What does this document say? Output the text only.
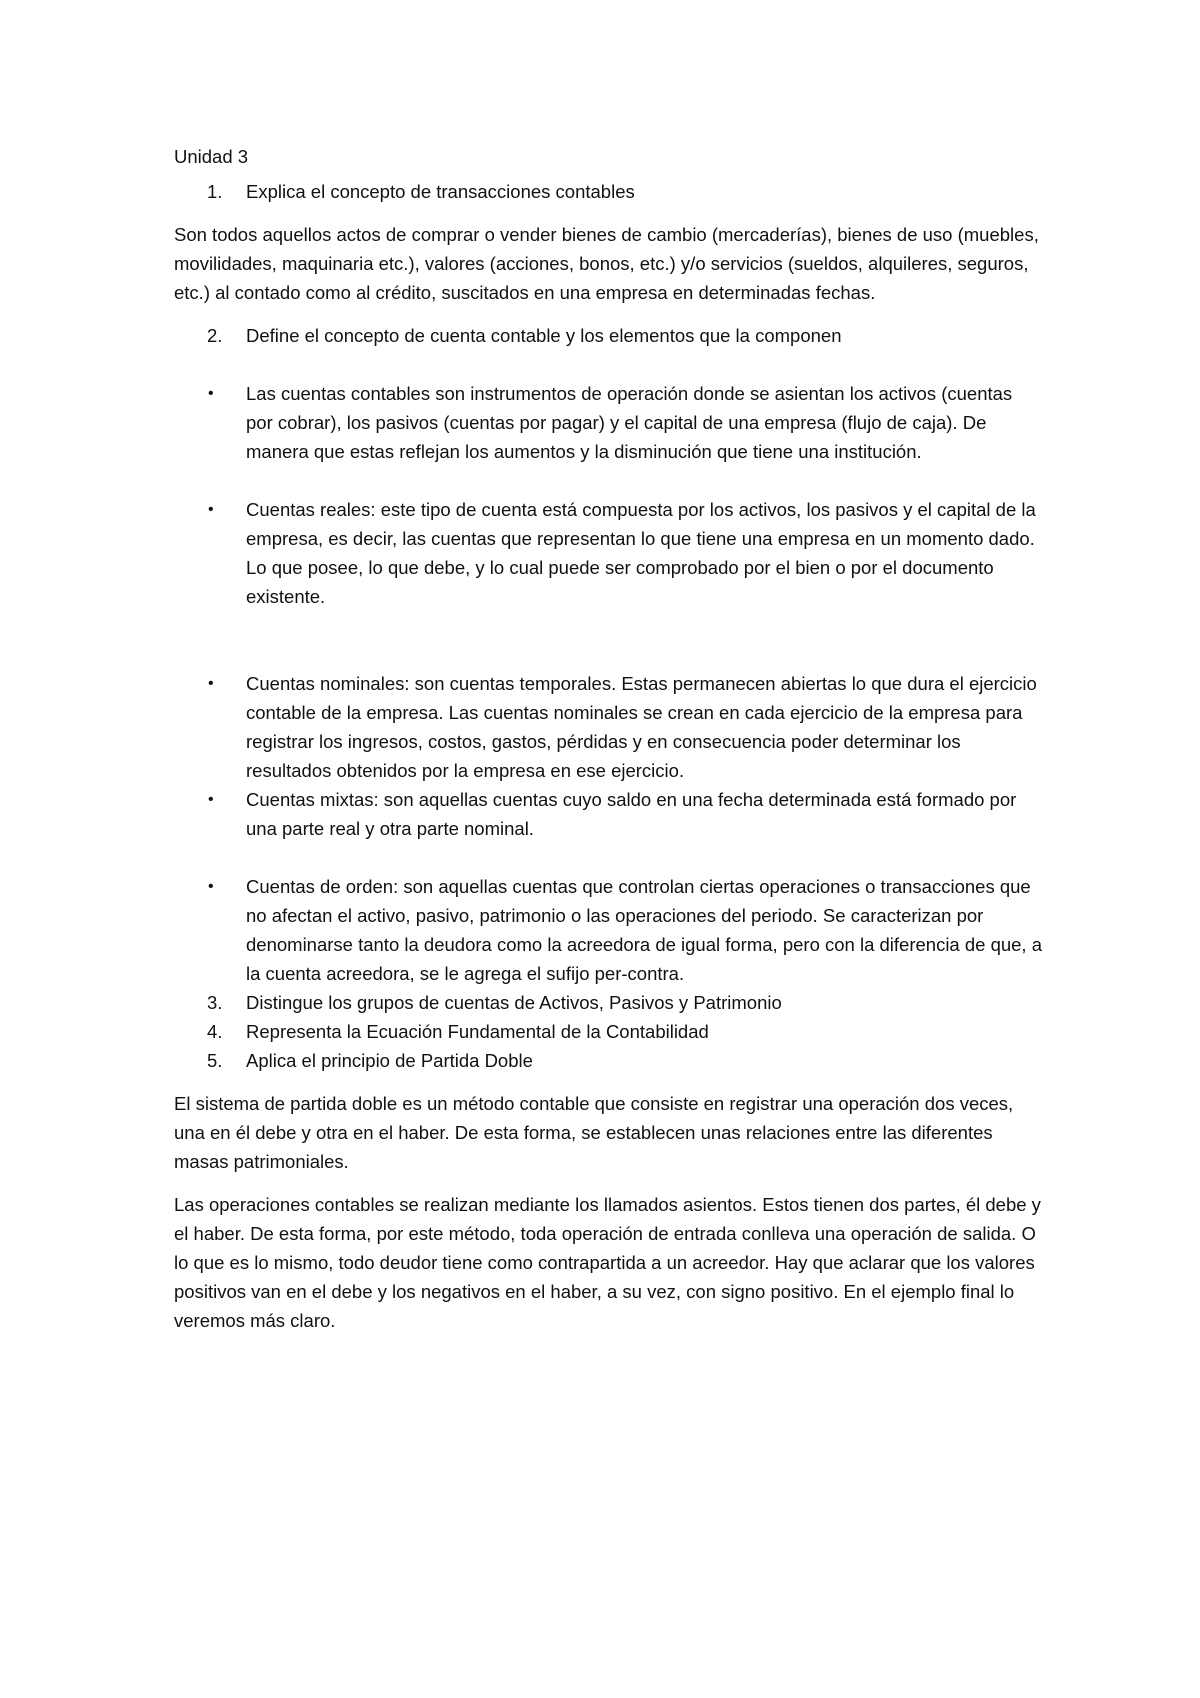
Unidad 3

1. Explica el concepto de transacciones contables

Son todos aquellos actos de comprar o vender bienes de cambio (mercaderías), bienes de uso (muebles, movilidades, maquinaria etc.), valores (acciones, bonos, etc.) y/o servicios (sueldos, alquileres, seguros, etc.) al contado como al crédito, suscitados en una empresa en determinadas fechas.

2. Define el concepto de cuenta contable y los elementos que la componen
• Las cuentas contables son instrumentos de operación donde se asientan los activos (cuentas por cobrar), los pasivos (cuentas por pagar) y el capital de una empresa (flujo de caja). De manera que estas reflejan los aumentos y la disminución que tiene una institución.
• Cuentas reales: este tipo de cuenta está compuesta por los activos, los pasivos y el capital de la empresa, es decir, las cuentas que representan lo que tiene una empresa en un momento dado. Lo que posee, lo que debe, y lo cual puede ser comprobado por el bien o por el documento existente.
• Cuentas nominales: son cuentas temporales. Estas permanecen abiertas lo que dura el ejercicio contable de la empresa. Las cuentas nominales se crean en cada ejercicio de la empresa para registrar los ingresos, costos, gastos, pérdidas y en consecuencia poder determinar los resultados obtenidos por la empresa en ese ejercicio.
• Cuentas mixtas: son aquellas cuentas cuyo saldo en una fecha determinada está formado por una parte real y otra parte nominal.
• Cuentas de orden: son aquellas cuentas que controlan ciertas operaciones o transacciones que no afectan el activo, pasivo, patrimonio o las operaciones del periodo. Se caracterizan por denominarse tanto la deudora como la acreedora de igual forma, pero con la diferencia de que, a la cuenta acreedora, se le agrega el sufijo per-contra.
3. Distingue los grupos de cuentas de Activos, Pasivos y Patrimonio
4. Representa la Ecuación Fundamental de la Contabilidad
5. Aplica el principio de Partida Doble

El sistema de partida doble es un método contable que consiste en registrar una operación dos veces, una en él debe y otra en el haber. De esta forma, se establecen unas relaciones entre las diferentes masas patrimoniales.

Las operaciones contables se realizan mediante los llamados asientos. Estos tienen dos partes, él debe y el haber. De esta forma, por este método, toda operación de entrada conlleva una operación de salida. O lo que es lo mismo, todo deudor tiene como contrapartida a un acreedor. Hay que aclarar que los valores positivos van en el debe y los negativos en el haber, a su vez, con signo positivo. En el ejemplo final lo veremos más claro.
